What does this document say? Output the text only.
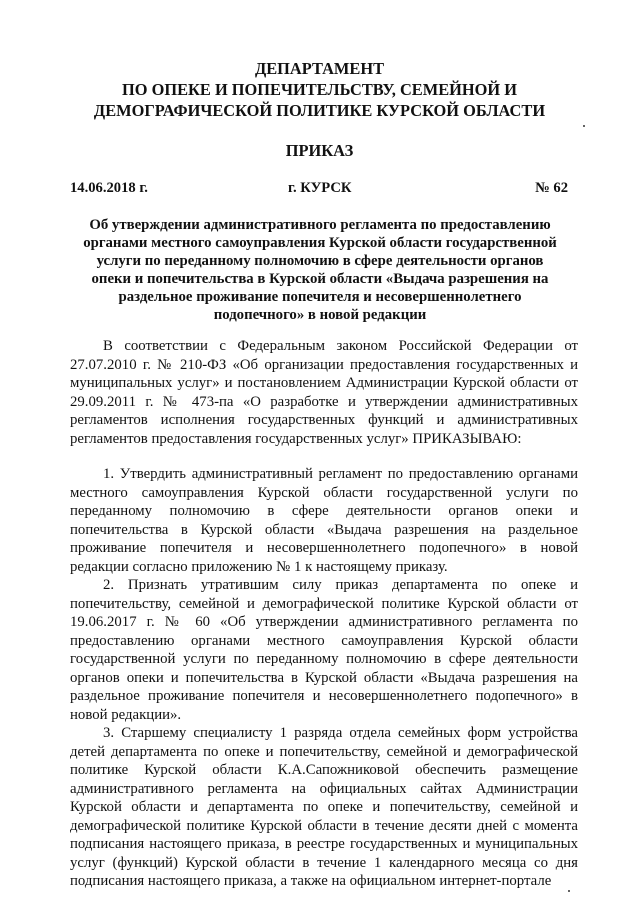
ДЕПАРТАМЕНТ
ПО ОПЕКЕ И ПОПЕЧИТЕЛЬСТВУ, СЕМЕЙНОЙ И
ДЕМОГРАФИЧЕСКОЙ ПОЛИТИКЕ КУРСКОЙ ОБЛАСТИ
ПРИКАЗ
14.06.2018 г.	г. КУРСК	№ 62
Об утверждении административного регламента по предоставлению органами местного самоуправления Курской области государственной услуги по переданному полномочию в сфере деятельности органов опеки и попечительства в Курской области «Выдача разрешения на раздельное проживание попечителя и несовершеннолетнего подопечного» в новой редакции

В соответствии с Федеральным законом Российской Федерации от 27.07.2010 г. № 210-ФЗ «Об организации предоставления государственных и муниципальных услуг» и постановлением Администрации Курской области от 29.09.2011 г. № 473-па «О разработке и утверждении административных регламентов исполнения государственных функций и административных регламентов предоставления государственных услуг» ПРИКАЗЫВАЮ:

1. Утвердить административный регламент по предоставлению органами местного самоуправления Курской области государственной услуги по переданному полномочию в сфере деятельности органов опеки и попечительства в Курской области «Выдача разрешения на раздельное проживание попечителя и несовершеннолетнего подопечного» в новой редакции согласно приложению № 1 к настоящему приказу.

2. Признать утратившим силу приказ департамента по опеке и попечительству, семейной и демографической политике Курской области от 19.06.2017 г. № 60 «Об утверждении административного регламента по предоставлению органами местного самоуправления Курской области государственной услуги по переданному полномочию в сфере деятельности органов опеки и попечительства в Курской области «Выдача разрешения на раздельное проживание попечителя и несовершеннолетнего подопечного» в новой редакции».

3. Старшему специалисту 1 разряда отдела семейных форм устройства детей департамента по опеке и попечительству, семейной и демографической политике Курской области К.А.Сапожниковой обеспечить размещение административного регламента на официальных сайтах Администрации Курской области и департамента по опеке и попечительству, семейной и демографической политике Курской области в течение десяти дней с момента подписания настоящего приказа, в реестре государственных и муниципальных услуг (функций) Курской области в течение 1 календарного месяца со дня подписания настоящего приказа, а также на официальном интернет-портале
